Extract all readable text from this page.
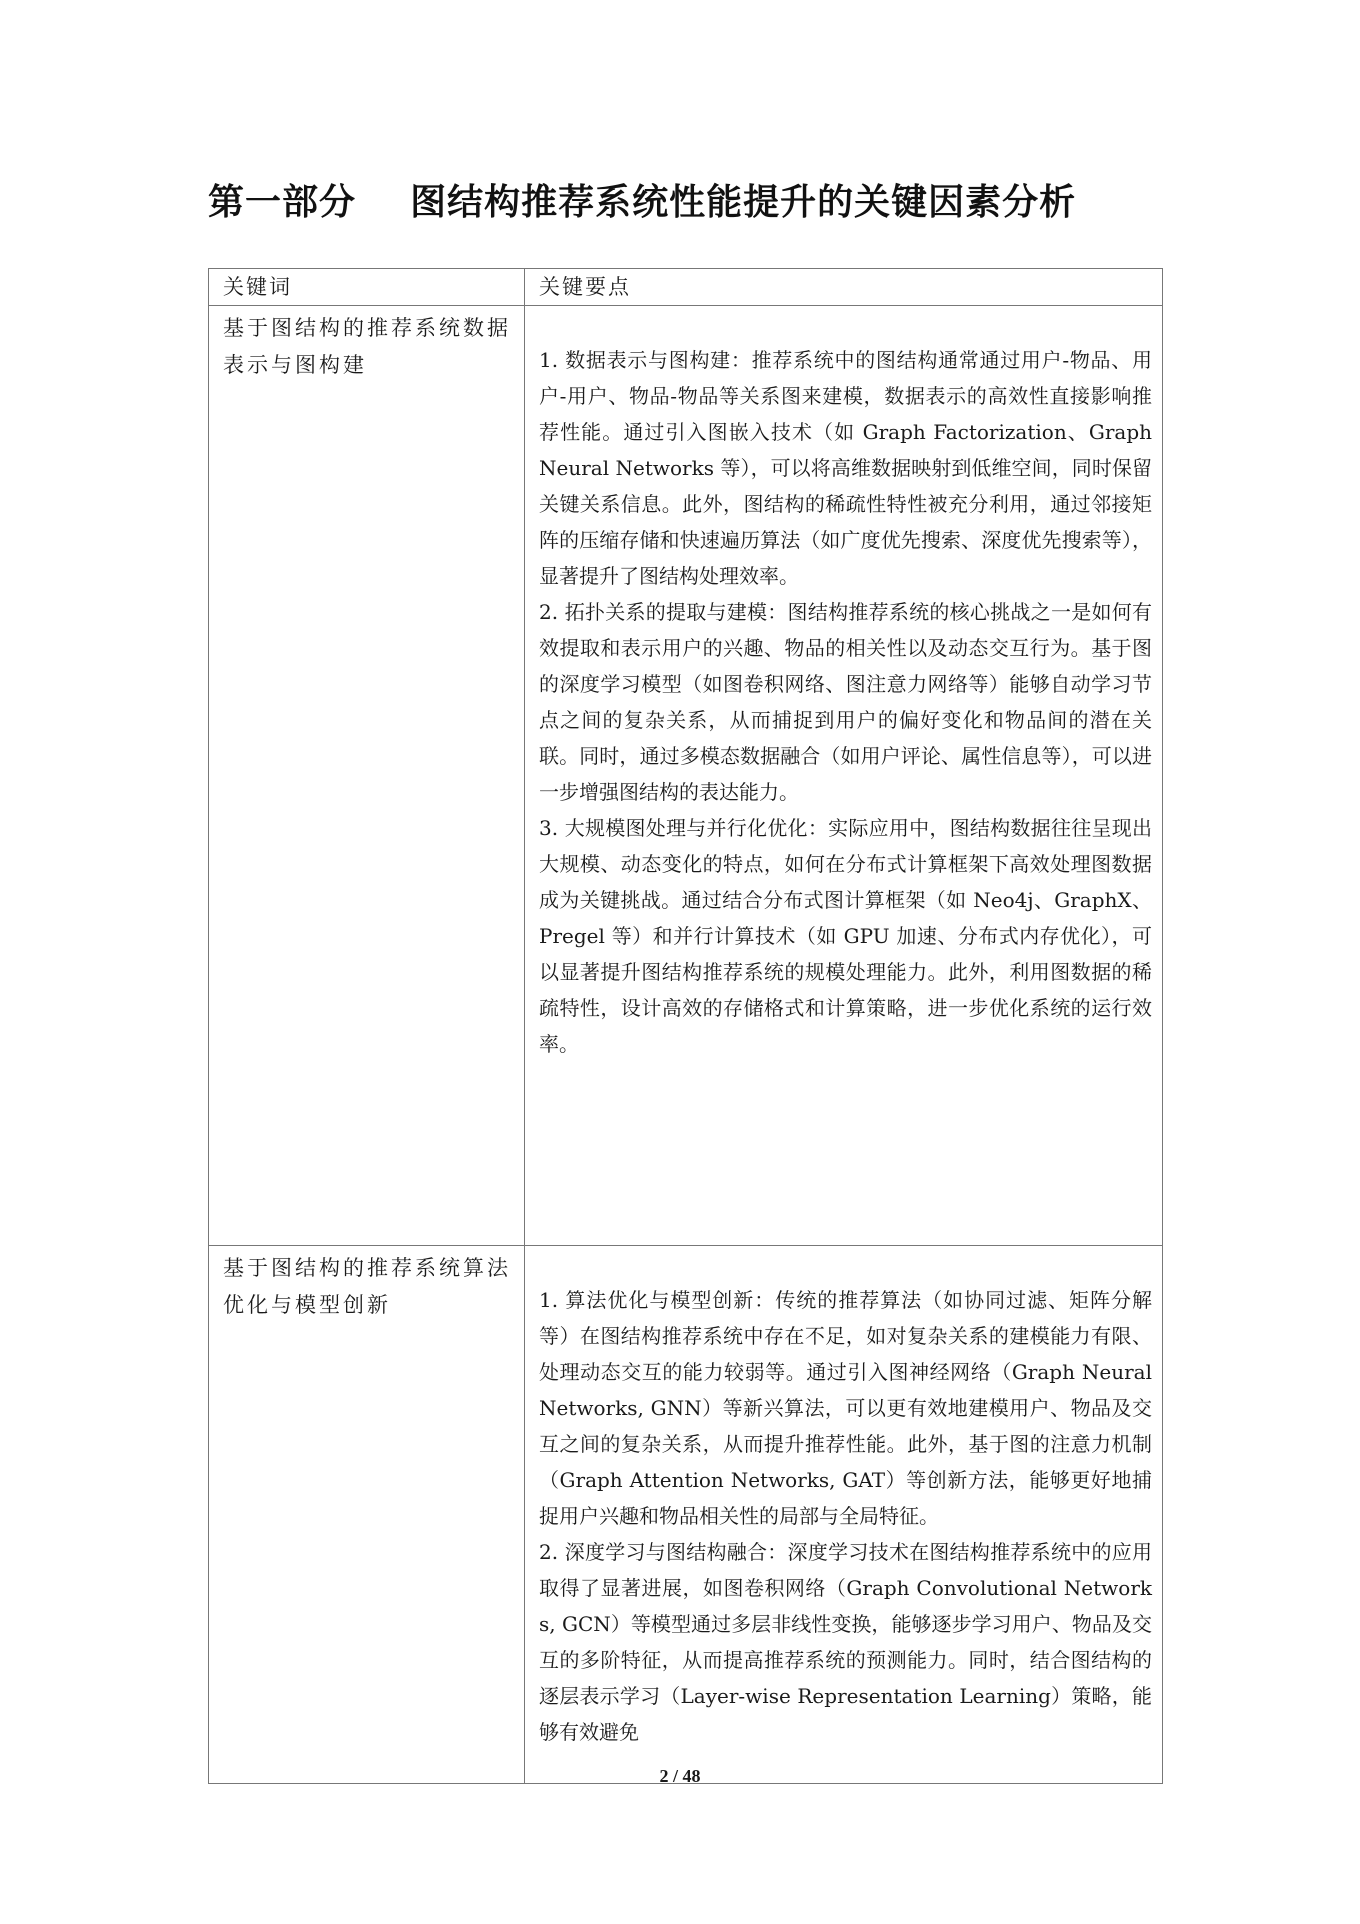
第一部分 图结构推荐系统性能提升的关键因素分析
关键词	关键要点

基于图结构的推荐系统数据表示与图构建	1. 数据表示与图构建：推荐系统中的图结构通常通过用户-物品、用户-用户、物品-物品等关系图来建模，数据表示的高效性直接影响推荐性能。通过引入图嵌入技术（如 Graph Factorization、Graph Neural Networks 等），可以将高维数据映射到低维空间，同时保留关键关系信息。此外，图结构的稀疏性特性被充分利用，通过邻接矩阵的压缩存储和快速遍历算法（如广度优先搜索、深度优先搜索等），显著提升了图结构处理效率。

2. 拓扑关系的提取与建模：图结构推荐系统的核心挑战之一是如何有效提取和表示用户的兴趣、物品的相关性以及动态交互行为。基于图的深度学习模型（如图卷积网络、图注意力网络等）能够自动学习节点之间的复杂关系，从而捕捉到用户的偏好变化和物品间的潜在关联。同时，通过多模态数据融合（如用户评论、属性信息等），可以进一步增强图结构的表达能力。

3. 大规模图处理与并行化优化：实际应用中，图结构数据往往呈现出大规模、动态变化的特点，如何在分布式计算框架下高效处理图数据成为关键挑战。通过结合分布式图计算框架（如 Neo4j、GraphX、Pregel 等）和并行计算技术（如 GPU 加速、分布式内存优化），可以显著提升图结构推荐系统的规模处理能力。此外，利用图数据的稀疏特性，设计高效的存储格式和计算策略，进一步优化系统的运行效率。

基于图结构的推荐系统算法优化与模型创新	1. 算法优化与模型创新：传统的推荐算法（如协同过滤、矩阵分解等）在图结构推荐系统中存在不足，如对复杂关系的建模能力有限、处理动态交互的能力较弱等。通过引入图神经网络（Graph Neural Networks, GNN）等新兴算法，可以更有效地建模用户、物品及交互之间的复杂关系，从而提升推荐性能。此外，基于图的注意力机制（Graph Attention Networks, GAT）等创新方法，能够更好地捕捉用户兴趣和物品相关性的局部与全局特征。

2. 深度学习与图结构融合：深度学习技术在图结构推荐系统中的应用取得了显著进展，如图卷积网络（Graph Convolutional Networks, GCN）等模型通过多层非线性变换，能够逐步学习用户、物品及交互的多阶特征，从而提高推荐系统的预测能力。同时，结合图结构的逐层表示学习（Layer-wise Representation Learning）策略，能够有效避免

2 / 48
